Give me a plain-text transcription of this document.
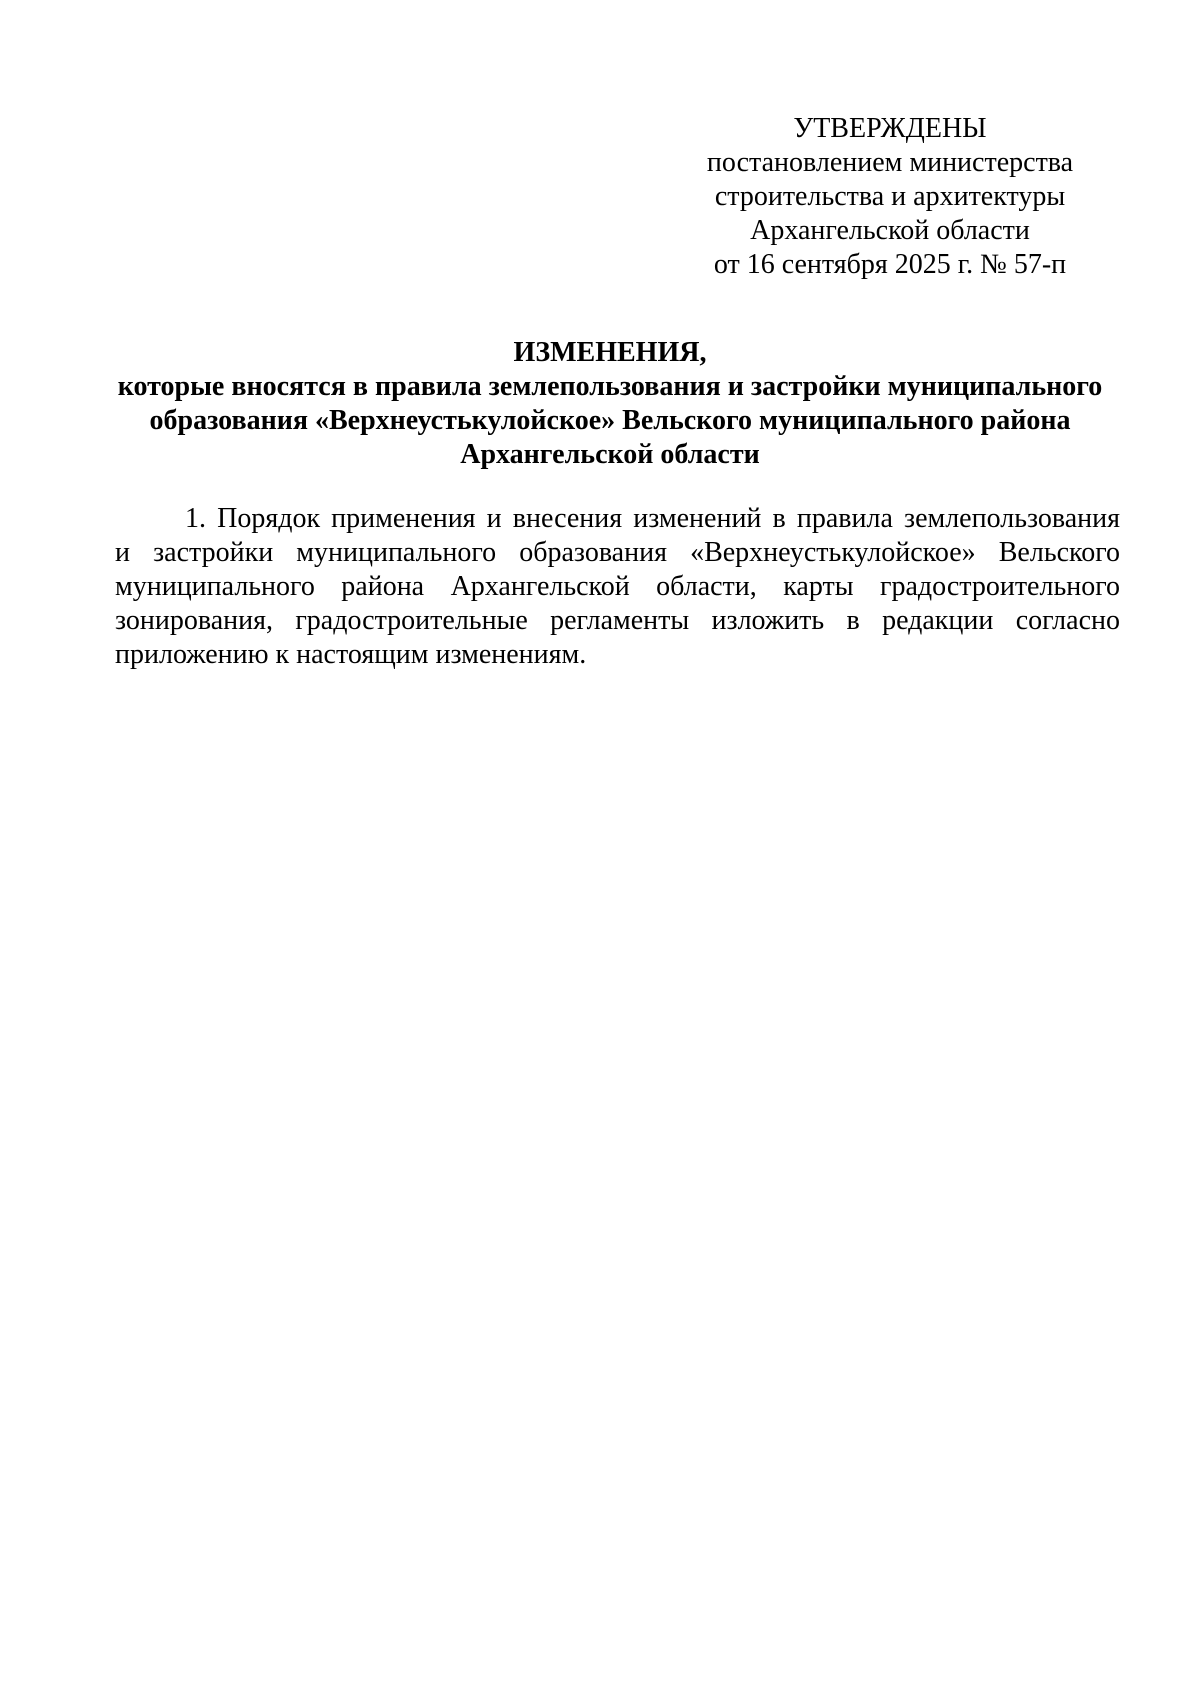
УТВЕРЖДЕНЫ
постановлением министерства
строительства и архитектуры
Архангельской области
от 16 сентября 2025 г. № 57-п
ИЗМЕНЕНИЯ,
которые вносятся в правила землепользования и застройки муниципального
образования «Верхнеустькулойское» Вельского муниципального района
Архангельской области
1. Порядок применения и внесения изменений в правила землепользования
и застройки муниципального образования «Верхнеустькулойское» Вельского
муниципального района Архангельской области, карты градостроительного
зонирования, градостроительные регламенты изложить в редакции согласно
приложению к настоящим изменениям.
